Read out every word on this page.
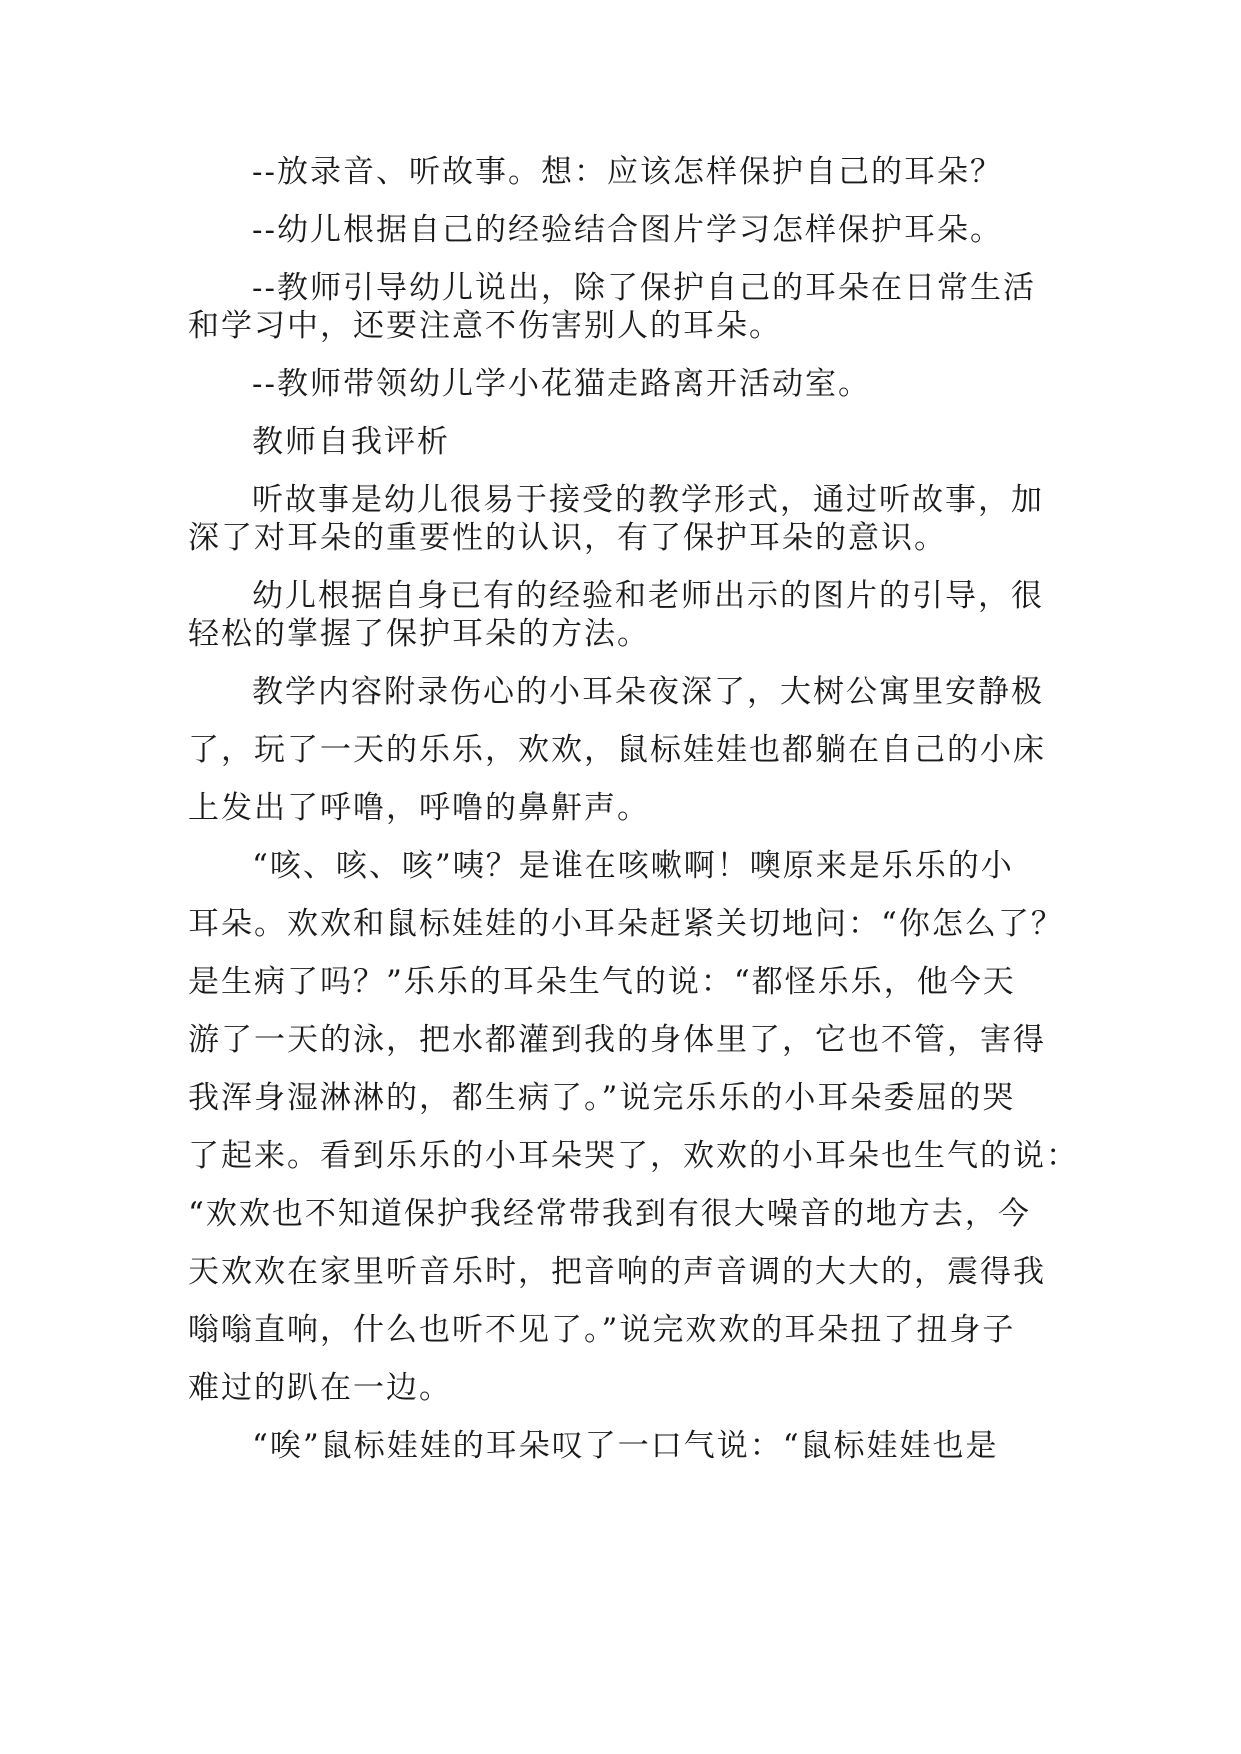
--放录音、听故事。想：应该怎样保护自己的耳朵？
--幼儿根据自己的经验结合图片学习怎样保护耳朵。
--教师引导幼儿说出，除了保护自己的耳朵在日常生活
和学习中，还要注意不伤害别人的耳朵。
--教师带领幼儿学小花猫走路离开活动室。
教师自我评析
听故事是幼儿很易于接受的教学形式，通过听故事，加
深了对耳朵的重要性的认识，有了保护耳朵的意识。
幼儿根据自身已有的经验和老师出示的图片的引导，很
轻松的掌握了保护耳朵的方法。
教学内容附录伤心的小耳朵夜深了，大树公寓里安静极
了，玩了一天的乐乐，欢欢，鼠标娃娃也都躺在自己的小床
上发出了呼噜，呼噜的鼻鼾声。
“咳、咳、咳”咦？是谁在咳嗽啊！噢原来是乐乐的小
耳朵。欢欢和鼠标娃娃的小耳朵赶紧关切地问：“你怎么了？
是生病了吗？”乐乐的耳朵生气的说：“都怪乐乐，他今天
游了一天的泳，把水都灌到我的身体里了，它也不管，害得
我浑身湿淋淋的，都生病了。”说完乐乐的小耳朵委屈的哭
了起来。看到乐乐的小耳朵哭了，欢欢的小耳朵也生气的说：
“欢欢也不知道保护我经常带我到有很大噪音的地方去，今
天欢欢在家里听音乐时，把音响的声音调的大大的，震得我
嗡嗡直响，什么也听不见了。”说完欢欢的耳朵扭了扭身子
难过的趴在一边。
“唉”鼠标娃娃的耳朵叹了一口气说：“鼠标娃娃也是
